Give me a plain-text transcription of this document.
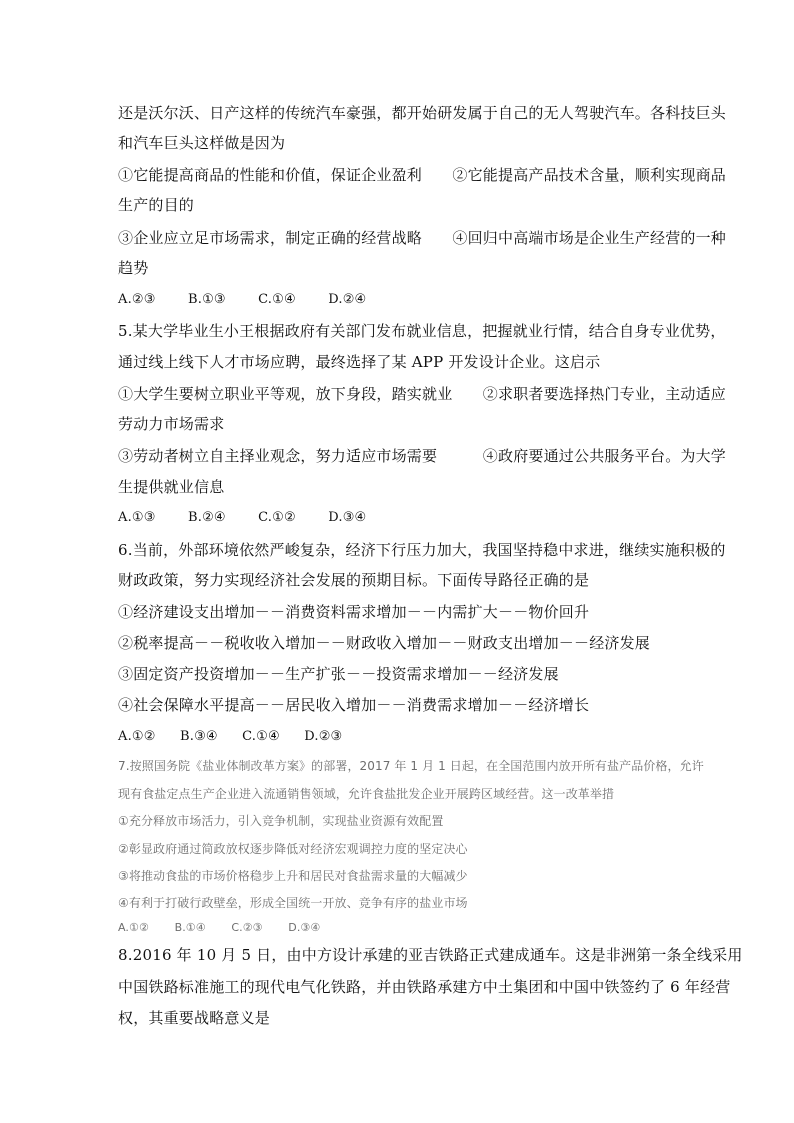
还是沃尔沃、日产这样的传统汽车豪强，都开始研发属于自己的无人驾驶汽车。各科技巨头
和汽车巨头这样做是因为
①它能提高商品的性能和价值，保证企业盈利　　②它能提高产品技术含量，顺利实现商品
生产的目的
③企业应立足市场需求，制定正确的经营战略　　④回归中高端市场是企业生产经营的一种
趋势
A.②③ B.①③ C.①④ D.②④
5.某大学毕业生小王根据政府有关部门发布就业信息，把握就业行情，结合自身专业优势，
通过线上线下人才市场应聘，最终选择了某 APP 开发设计企业。这启示
①大学生要树立职业平等观，放下身段，踏实就业　　②求职者要选择热门专业，主动适应
劳动力市场需求
③劳动者树立自主择业观念，努力适应市场需要　　　④政府要通过公共服务平台。为大学
生提供就业信息
A.①③ B.②④ C.①② D.③④
6.当前，外部环境依然严峻复杂，经济下行压力加大，我国坚持稳中求进，继续实施积极的
财政政策，努力实现经济社会发展的预期目标。下面传导路径正确的是
①经济建设支出增加－－消费资料需求增加－－内需扩大－－物价回升
②税率提高－－税收收入增加－－财政收入增加－－财政支出增加－－经济发展
③固定资产投资增加－－生产扩张－－投资需求增加－－经济发展
④社会保障水平提高－－居民收入增加－－消费需求增加－－经济增长
A.①② B.③④ C.①④ D.②③
7.按照国务院《盐业体制改革方案》的部署，2017 年 1 月 1 日起，在全国范围内放开所有盐产品价格，允许
现有食盐定点生产企业进入流通销售领域，允许食盐批发企业开展跨区域经营。这一改革举措
①充分释放市场活力，引入竞争机制，实现盐业资源有效配置
②彰显政府通过简政放权逐步降低对经济宏观调控力度的坚定决心
③将推动食盐的市场价格稳步上升和居民对食盐需求量的大幅减少
④有利于打破行政壁垒，形成全国统一开放、竞争有序的盐业市场
A.①② B.①④ C.②③ D.③④
8.2016 年 10 月 5 日，由中方设计承建的亚吉铁路正式建成通车。这是非洲第一条全线采用
中国铁路标准施工的现代电气化铁路，并由铁路承建方中土集团和中国中铁签约了 6 年经营
权，其重要战略意义是
